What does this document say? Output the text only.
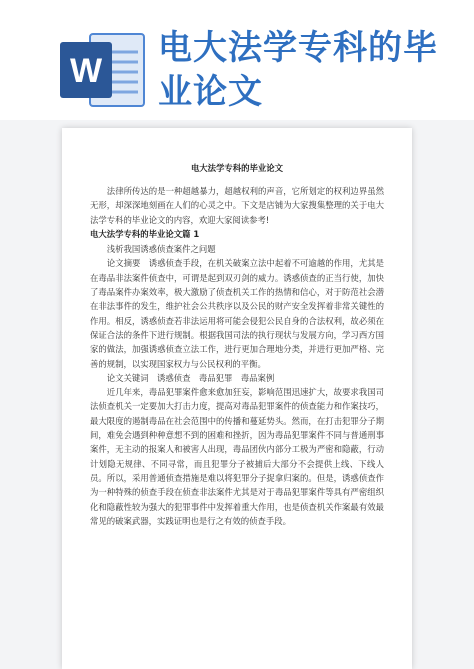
W

电大法学专科的毕

业论文

电大法学专科的毕业论文

法律所传达的是一种超越暴力，超越权利的声音，它所划定的权利边界虽然无形，却深深地刻画在人们的心灵之中。下文是店铺为大家搜集整理的关于电大法学专科的毕业论文的内容，欢迎大家阅读参考!

电大法学专科的毕业论文篇 1

浅析我国诱惑侦查案件之问题

论文摘要　诱惑侦查手段，在机关破案立法中起着不可逾越的作用，尤其是在毒品非法案件侦查中，可谓是起到双刃剑的威力。诱惑侦查的正当行使，加快了毒品案件办案效率，极大激励了侦查机关工作的热情和信心，对于防范社会潜在非法事件的发生，维护社会公共秩序以及公民的财产安全发挥着非常关键性的作用。相反，诱惑侦查若非法运用将可能会侵犯公民自身的合法权利，故必须在保证合法的条件下进行规制。根据我国司法的执行现状与发展方向，学习西方国家的做法，加强诱惑侦查立法工作，进行更加合理地分类，并进行更加严格、完善的规制，以实现国家权力与公民权利的平衡。

论文关键词　诱惑侦查　毒品犯罪　毒品案例

近几年来，毒品犯罪案件愈来愈加狂妄，影响范围迅速扩大，故要求我国司法侦查机关一定要加大打击力度，提高对毒品犯罪案件的侦查能力和作案技巧，最大限度的遏制毒品在社会范围中的传播和蔓延势头。然而，在打击犯罪分子期间，难免会遇到种种意想不到的困难和挫折，因为毒品犯罪案件不同与普通刑事案件，无主动的报案人和被害人出现，毒品团伙内部分工极为严密和隐蔽，行动计划隐无规律、不同寻常，而且犯罪分子被捕后大部分不会提供上线、下线人员。所以，采用普通侦查措施是难以将犯罪分子捉拿归案的。但是，诱惑侦查作为一种特殊的侦查手段在侦查非法案件尤其是对于毒品犯罪案件等具有严密组织化和隐蔽性较为强大的犯罪事件中发挥着重大作用，也是侦查机关作案最有效最常见的破案武器，实践证明也是行之有效的侦查手段。
